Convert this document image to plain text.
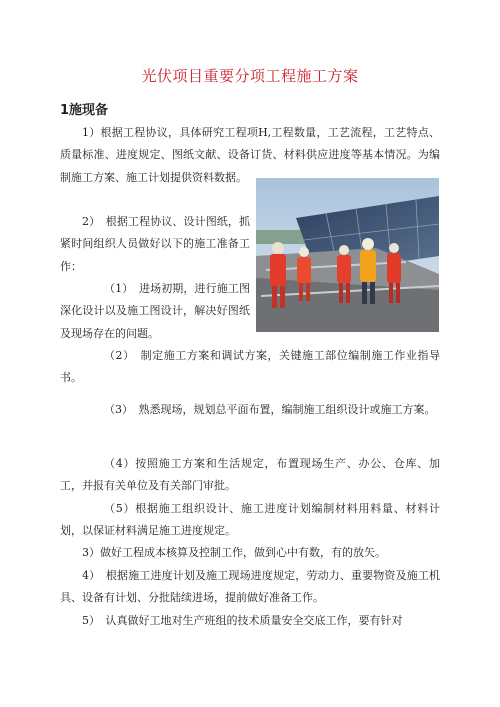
光伏项目重要分项工程施工方案
1施现备
1）根据工程协议，具体研究工程项H,工程数量，工艺流程，工艺特点、质量标准、进度规定、图纸文献、设备订货、材料供应进度等基本情况。为编制施工方案、施工计划提供资料数据。
2）　根据工程协议、设计图纸，抓紧时间组织人员做好以下的施工准备工作：
（1）　进场初期，进行施工图深化设计以及施工图设计，解决好图纸及现场存在的问题。
（2）　制定施工方案和调试方案，关键施工部位编制施工作业指导书。
（3）　熟悉现场，规划总平面布置，编制施工组织设计或施工方案。
（4）按照施工方案和生活规定，布置现场生产、办公、仓库、加工，并报有关单位及有关部门审批。
（5）根据施工组织设计、施工进度计划编制材料用料量、材料计划，以保证材料满足施工进度规定。
3）做好工程成本核算及控制工作，做到心中有数，有的放矢。
4）　根据施工进度计划及施工现场进度规定，劳动力、重要物资及施工机具、设备有计划、分批陆续进场，提前做好准备工作。
5）　认真做好工地对生产班组的技术质量安全交底工作，要有针对
